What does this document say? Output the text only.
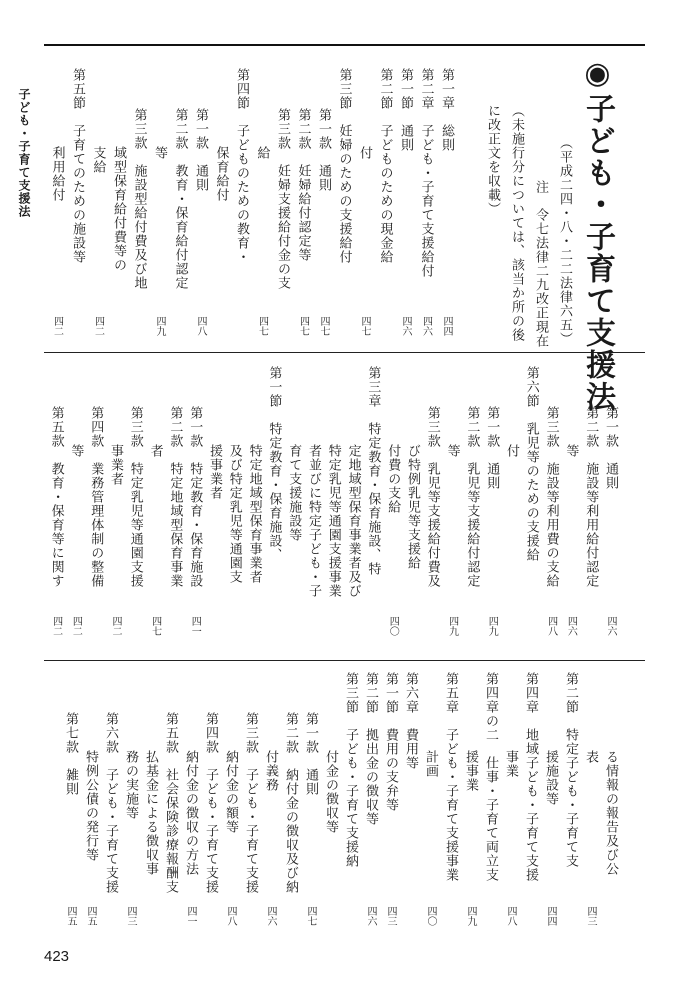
子ども・子育て支援法	◉子ども・子育て支援法
（平成二四・八・二二法律六五）
注　令七法律二九改正現在
（未施行分については、該当か所の後
に改正文を収載）
第一章　総則
四四
第二章　子ども・子育て支援給付
四六
第一節　通則
四六
第二節　子どものための現金給
付
四七
第三節　妊婦のための支援給付
第一款　通則
四七
第二款　妊婦給付認定等
四七
第三款　妊婦支援給付金の支
給
四七
第四節　子どものための教育・
保育給付
第一款　通則
四八
第二款　教育・保育給付認定
等
四九
第三款　施設型給付費及び地
域型保育給付費等の
支給
四二
第五節　子育てのための施設等
利用給付
四二
第一款　通則
四六
第二款　施設等利用給付認定
等
四六
第三款　施設等利用費の支給
四八
第六節　乳児等のための支援給
付
第一款　通則
四九
第二款　乳児等支援給付認定
等
四九
第三款　乳児等支援給付費及
び特例乳児等支援給
付費の支給
四〇
第三章　特定教育・保育施設、特
定地域型保育事業者及び
特定乳児等通園支援事業
者並びに特定子ども・子
育て支援施設等
第一節　特定教育・保育施設、
特定地域型保育事業者
及び特定乳児等通園支
援事業者
第一款　特定教育・保育施設
四一
第二款　特定地域型保育事業
者
四七
第三款　特定乳児等通園支援
事業者
四二
第四款　業務管理体制の整備
等
四二
第五款　教育・保育等に関す
四二
る情報の報告及び公
表
四三
第二節　特定子ども・子育て支
援施設等
四四
第四章　地域子ども・子育て支援
事業
四八
第四章の二　仕事・子育て両立支
援事業
四九
第五章　子ども・子育て支援事業
計画
四〇
第六章　費用等
第一節　費用の支弁等
四三
第二節　拠出金の徴収等
四六
第三節　子ども・子育て支援納
付金の徴収等
第一款　通則
四七
第二款　納付金の徴収及び納
付義務
四六
第三款　子ども・子育て支援
納付金の額等
四八
第四款　子ども・子育て支援
納付金の徴収の方法
四一
第五款　社会保険診療報酬支
払基金による徴収事
務の実施等
四三
第六款　子ども・子育て支援
特例公債の発行等
四五
第七款　雑則
四五
423
